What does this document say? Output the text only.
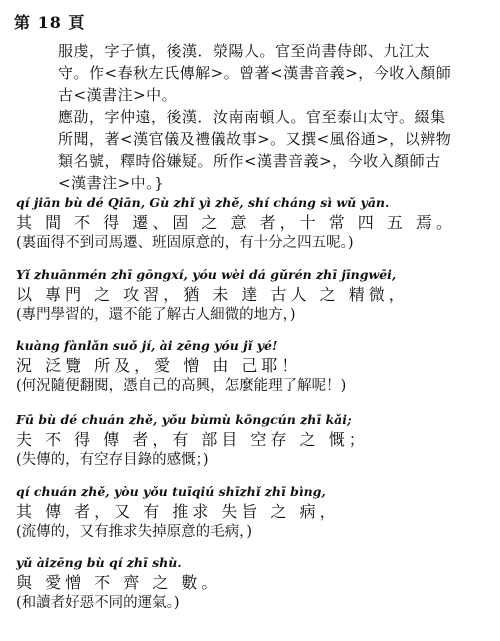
第 18 頁
服虔，字子慎，後漢．滎陽人。官至尚書侍郎、九江太
守。作<春秋左氏傳解>。曾著<漢書音義>，今收入顏師
古<漢書注>中。
應劭，字仲遠，後漢．汝南南頓人。官至泰山太守。綴集
所聞，著<漢官儀及禮儀故事>。又撰<風俗通>，以辨物
類名號，釋時俗嫌疑。所作<漢書音義>，今收入顏師古
<漢書注>中。}
qí jiān bù dé Qiān, Gù zhǐ yì zhě, shí cháng sì wǔ yān.
其 間 不 得 遷、固 之 意 者，十 常 四 五 焉。
(裏面得不到司馬遷、班固原意的，有十分之四五呢。)
Yǐ zhuānmén zhī gōngxí, yóu wèi dá gǔrén zhī jīngwēi,
以 專門 之 攻習，猶 未 達 古人 之 精微，
(專門學習的，還不能了解古人細微的地方，)
kuàng fànlǎn suǒ jí, ài zēng yóu jǐ yé!
況 泛覽 所及，愛 憎 由 己耶！
(何況隨便翻閱，憑自己的高興，怎麼能理了解呢！)
Fū bù dé chuán zhě, yǒu bùmù kōngcún zhī kǎi;
夫 不 得 傳 者，有 部目 空存 之 慨；
(失傳的，有空存目錄的感慨；)
qí chuán zhě, yòu yǒu tuīqiú shīzhǐ zhī bìng,
其 傳 者，又 有 推求 失旨 之 病，
(流傳的，又有推求失掉原意的毛病，)
yǔ àizēng bù qí zhī shù.
與 愛憎 不 齊 之 數。
(和讀者好惡不同的運氣。)
